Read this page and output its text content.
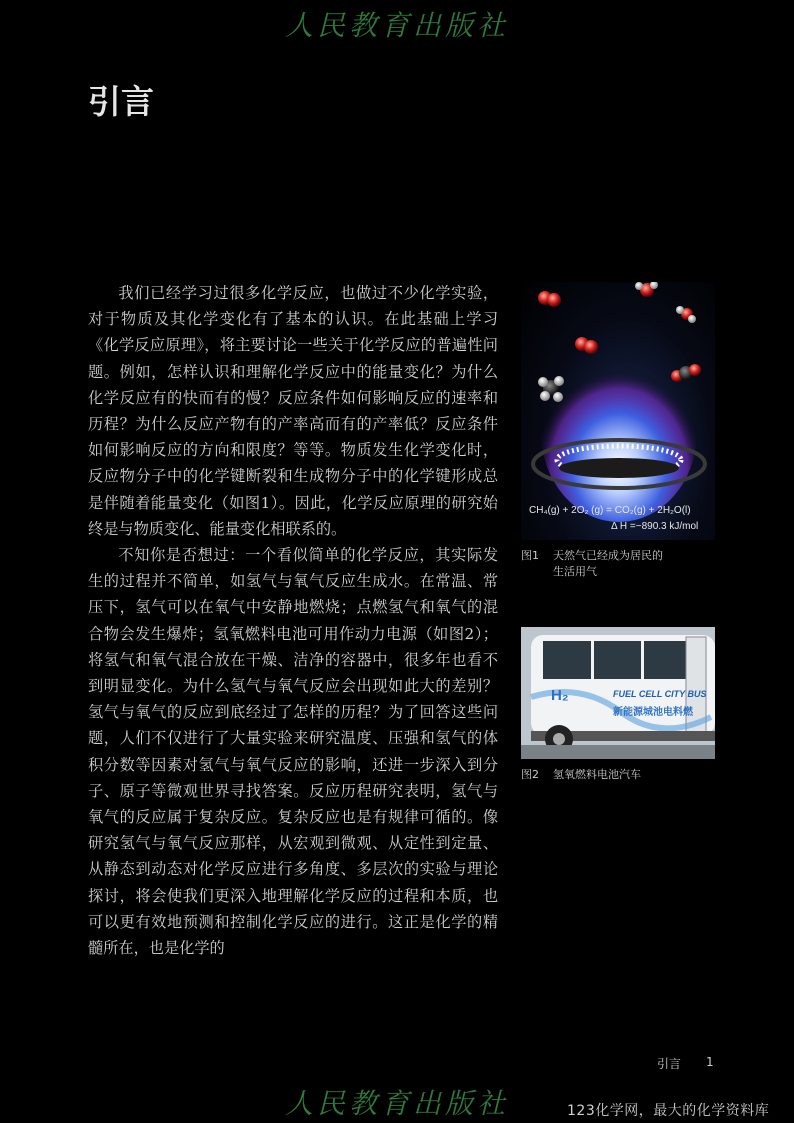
人民教育出版社
引言

我们已经学习过很多化学反应，也做过不少化学实验，对于物质及其化学变化有了基本的认识。在此基础上学习《化学反应原理》，将主要讨论一些关于化学反应的普遍性问题。例如，怎样认识和理解化学反应中的能量变化？为什么化学反应有的快而有的慢？反应条件如何影响反应的速率和历程？为什么反应产物有的产率高而有的产率低？反应条件如何影响反应的方向和限度？等等。物质发生化学变化时，反应物分子中的化学键断裂和生成物分子中的化学键形成总是伴随着能量变化（如图1）。因此，化学反应原理的研究始终是与物质变化、能量变化相联系的。

不知你是否想过：一个看似简单的化学反应，其实际发生的过程并不简单，如氢气与氧气反应生成水。在常温、常压下，氢气可以在氧气中安静地燃烧；点燃氢气和氧气的混合物会发生爆炸；氢氧燃料电池可用作动力电源（如图2）；将氢气和氧气混合放在干燥、洁净的容器中，很多年也看不到明显变化。为什么氢气与氧气反应会出现如此大的差别？氢气与氧气的反应到底经过了怎样的历程？为了回答这些问题，人们不仅进行了大量实验来研究温度、压强和氢气的体积分数等因素对氢气与氧气反应的影响，还进一步深入到分子、原子等微观世界寻找答案。反应历程研究表明，氢气与氧气的反应属于复杂反应。复杂反应也是有规律可循的。像研究氢气与氧气反应那样，从宏观到微观、从定性到定量、从静态到动态对化学反应进行多角度、多层次的实验与理论探讨，将会使我们更深入地理解化学反应的过程和本质，也可以更有效地预测和控制化学反应的进行。这正是化学的精髓所在，也是化学的

CH₄(g) + 2O₂ (g) = CO₂(g) + 2H₂O(l)
Δ H =−890.3 kJ/mol
图1 天然气已经成为居民的
生活用气
H₂	FUEL CELL CITY BUS
新能源城池电料燃
图2 氢氧燃料电池汽车
引言 1
人民教育出版社	123化学网，最大的化学资料库
